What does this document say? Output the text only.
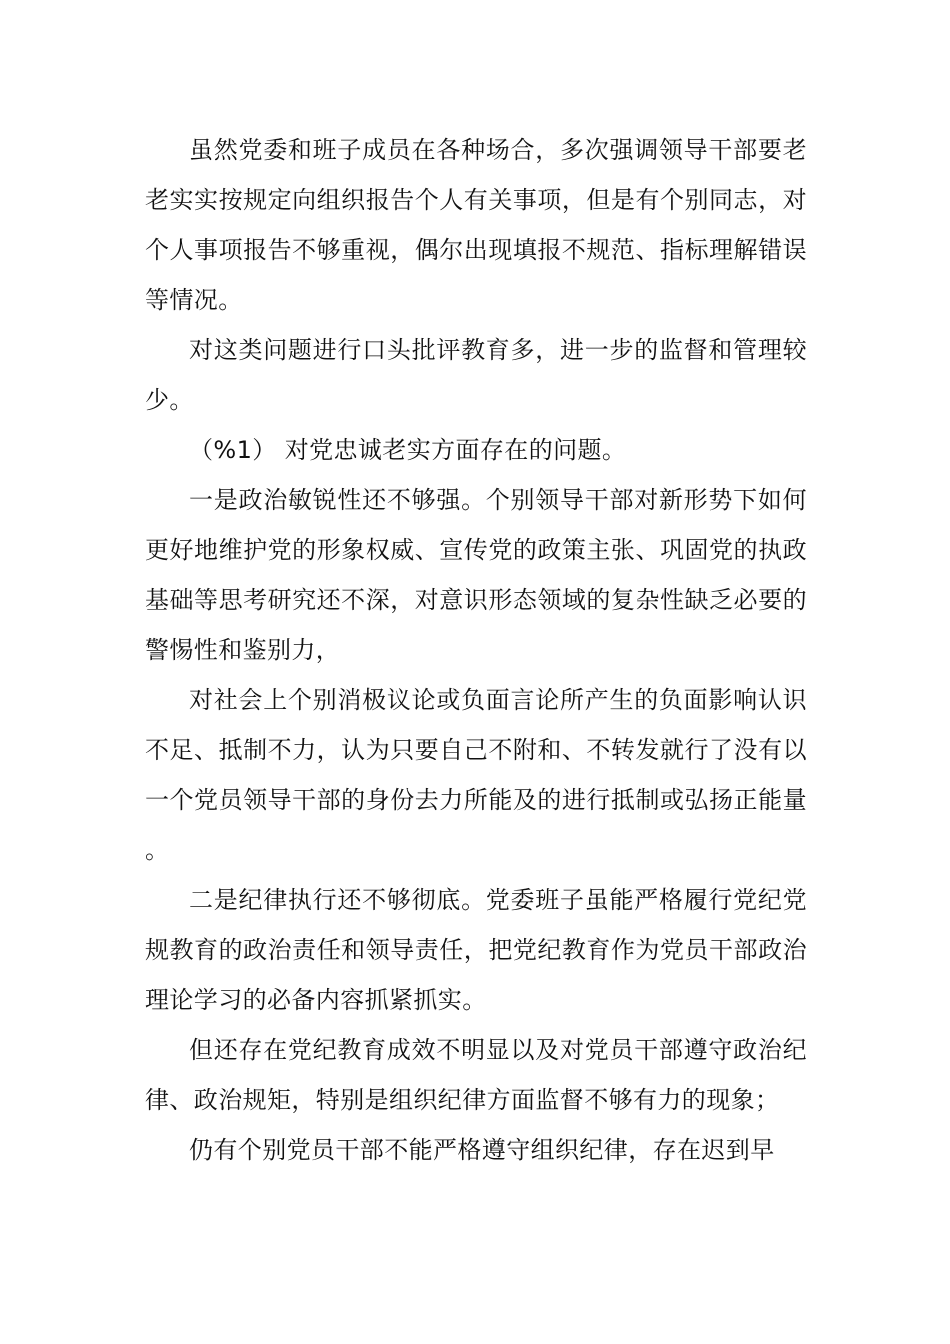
虽然党委和班子成员在各种场合，多次强调领导干部要老老实实按规定向组织报告个人有关事项，但是有个别同志，对个人事项报告不够重视，偶尔出现填报不规范、指标理解错误等情况。

对这类问题进行口头批评教育多，进一步的监督和管理较少。

（%1） 对党忠诚老实方面存在的问题。

一是政治敏锐性还不够强。个别领导干部对新形势下如何更好地维护党的形象权威、宣传党的政策主张、巩固党的执政基础等思考研究还不深，对意识形态领域的复杂性缺乏必要的警惕性和鉴别力，

对社会上个别消极议论或负面言论所产生的负面影响认识不足、抵制不力，认为只要自己不附和、不转发就行了没有以一个党员领导干部的身份去力所能及的进行抵制或弘扬正能量。

二是纪律执行还不够彻底。党委班子虽能严格履行党纪党规教育的政治责任和领导责任，把党纪教育作为党员干部政治理论学习的必备内容抓紧抓实。

但还存在党纪教育成效不明显以及对党员干部遵守政治纪律、政治规矩，特别是组织纪律方面监督不够有力的现象；

仍有个别党员干部不能严格遵守组织纪律，存在迟到早
